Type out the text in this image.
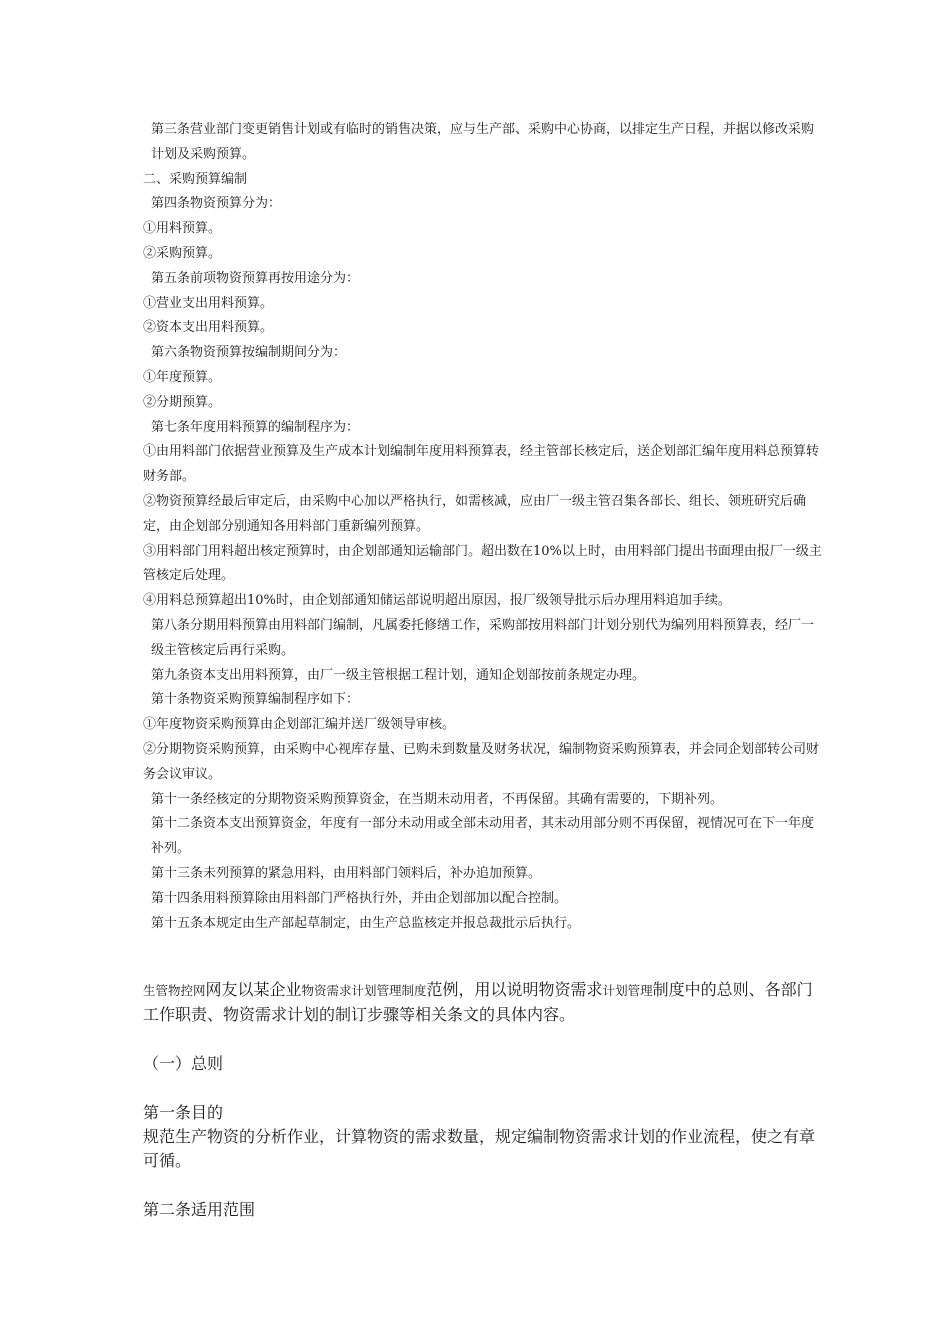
第三条营业部门变更销售计划或有临时的销售决策，应与生产部、采购中心协商，以排定生产日程，并据以修改采购计划及采购预算。

二、采购预算编制

第四条物资预算分为：

①用料预算。

②采购预算。

第五条前项物资预算再按用途分为：

①营业支出用料预算。

②资本支出用料预算。

第六条物资预算按编制期间分为：

①年度预算。

②分期预算。

第七条年度用料预算的编制程序为：

①由用料部门依据营业预算及生产成本计划编制年度用料预算表，经主管部长核定后，送企划部汇编年度用料总预算转财务部。

②物资预算经最后审定后，由采购中心加以严格执行，如需核减，应由厂一级主管召集各部长、组长、领班研究后确定，由企划部分别通知各用料部门重新编列预算。

③用料部门用料超出核定预算时，由企划部通知运输部门。超出数在10%以上时，由用料部门提出书面理由报厂一级主管核定后处理。

④用料总预算超出10%时，由企划部通知储运部说明超出原因，报厂级领导批示后办理用料追加手续。

第八条分期用料预算由用料部门编制，凡属委托修缮工作，采购部按用料部门计划分别代为编列用料预算表，经厂一级主管核定后再行采购。

第九条资本支出用料预算，由厂一级主管根据工程计划，通知企划部按前条规定办理。

第十条物资采购预算编制程序如下：

①年度物资采购预算由企划部汇编并送厂级领导审核。

②分期物资采购预算，由采购中心视库存量、已购未到数量及财务状况，编制物资采购预算表，并会同企划部转公司财务会议审议。

第十一条经核定的分期物资采购预算资金，在当期未动用者，不再保留。其确有需要的，下期补列。

第十二条资本支出预算资金，年度有一部分未动用或全部未动用者，其未动用部分则不再保留，视情况可在下一年度补列。

第十三条未列预算的紧急用料，由用料部门领料后，补办追加预算。

第十四条用料预算除由用料部门严格执行外，并由企划部加以配合控制。

第十五条本规定由生产部起草制定，由生产总监核定并报总裁批示后执行。

生管物控网网友以某企业物资需求计划管理制度范例，用以说明物资需求计划管理制度中的总则、各部门工作职责、物资需求计划的制订步骤等相关条文的具体内容。

（一）总则

第一条目的

规范生产物资的分析作业，计算物资的需求数量，规定编制物资需求计划的作业流程，使之有章可循。

第二条适用范围
